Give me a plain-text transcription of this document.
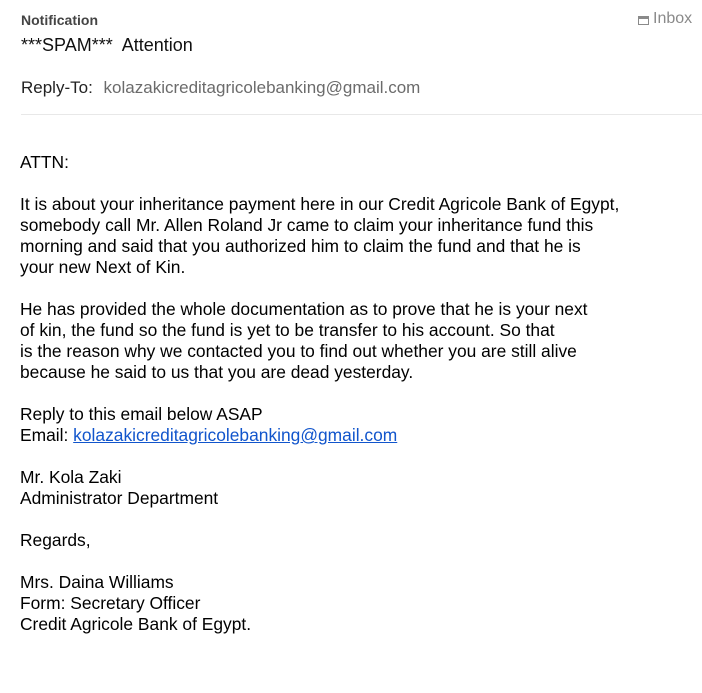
Notification	Inbox
***SPAM***  Attention
Reply-To: kolazakicreditagricolebanking@gmail.com

ATTN:

It is about your inheritance payment here in our Credit Agricole Bank of Egypt,
somebody call Mr. Allen Roland Jr came to claim your inheritance fund this
morning and said that you authorized him to claim the fund and that he is
your new Next of Kin.

He has provided the whole documentation as to prove that he is your next
of kin, the fund so the fund is yet to be transfer to his account. So that
is the reason why we contacted you to find out whether you are still alive
because he said to us that you are dead yesterday.

Reply to this email below ASAP
Email: kolazakicreditagricolebanking@gmail.com

Mr. Kola Zaki
Administrator Department

Regards,

Mrs. Daina Williams
Form: Secretary Officer
Credit Agricole Bank of Egypt.
